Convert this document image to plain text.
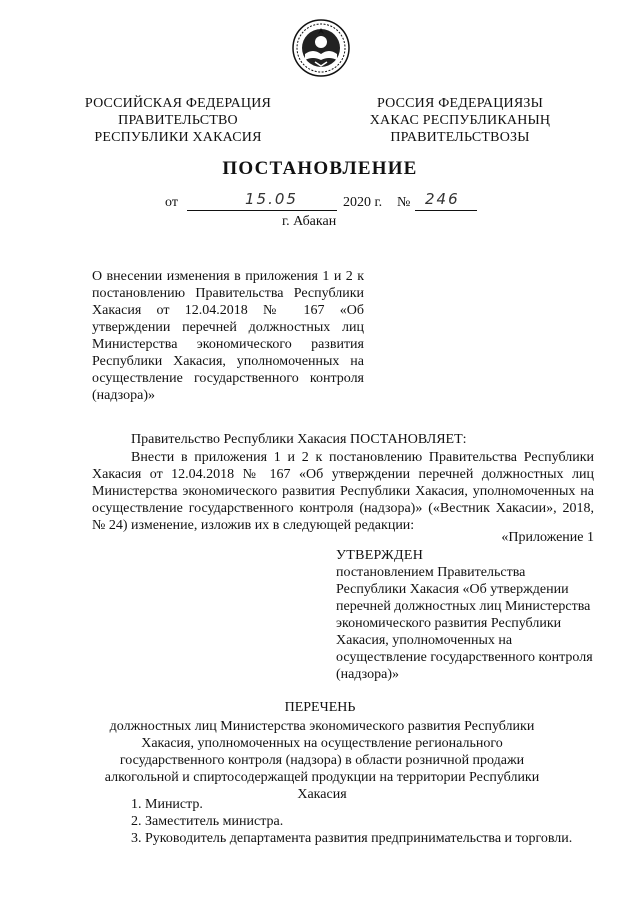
РОССИЙСКАЯ ФЕДЕРАЦИЯ
ПРАВИТЕЛЬСТВО
РЕСПУБЛИКИ ХАКАСИЯ
РОССИЯ ФЕДЕРАЦИЯЗЫ
ХАКАС РЕСПУБЛИКАНЫҢ
ПРАВИТЕЛЬСТВОЗЫ
ПОСТАНОВЛЕНИЕ
от	15.05	2020 г. № 246
г. Абакан
О внесении изменения в приложения 1 и 2 к постановлению Правительства Республики Хакасия от 12.04.2018 № 167 «Об утверждении перечней должностных лиц Министерства экономического развития Республики Хакасия, уполномоченных на осуществление государственного контроля (надзора)»
Правительство Республики Хакасия ПОСТАНОВЛЯЕТ:
Внести в приложения 1 и 2 к постановлению Правительства Республики Хакасия от 12.04.2018 № 167 «Об утверждении перечней должностных лиц Министерства экономического развития Республики Хакасия, уполномоченных на осуществление государственного контроля (надзора)» («Вестник Хакасии», 2018, № 24) изменение, изложив их в следующей редакции:
«Приложение 1
УТВЕРЖДЕН
постановлением Правительства Республики Хакасия «Об утверждении перечней должностных лиц Министерства экономического развития Республики Хакасия, уполномоченных на осуществление государственного контроля (надзора)»
ПЕРЕЧЕНЬ
должностных лиц Министерства экономического развития Республики Хакасия, уполномоченных на осуществление регионального государственного контроля (надзора) в области розничной продажи алкогольной и спиртосодержащей продукции на территории Республики Хакасия
1. Министр.
2. Заместитель министра.
3. Руководитель департамента развития предпринимательства и торговли.
